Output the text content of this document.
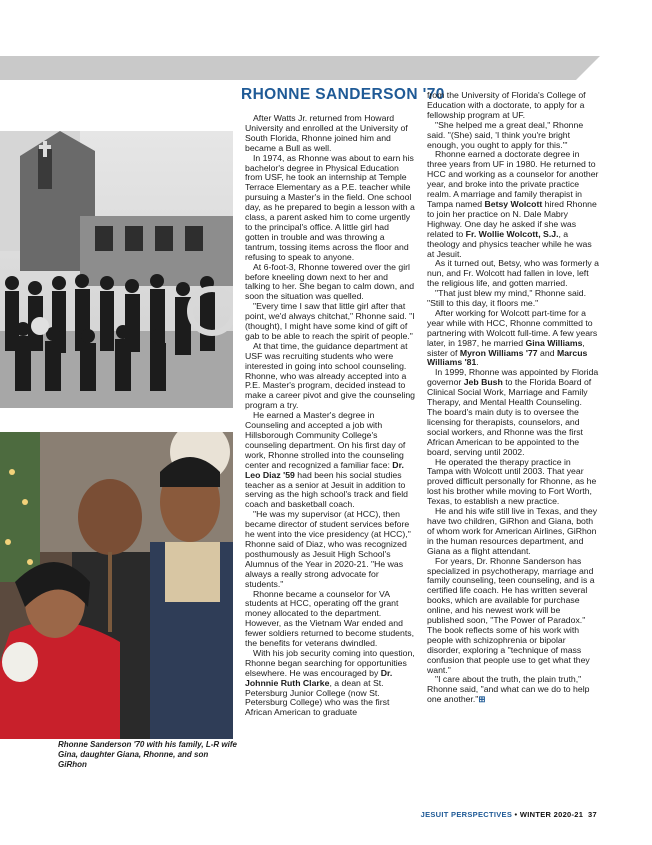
Rhonne Sanderson '70 with his family, L-R wife Gina, daughter Giana, Rhonne, and son GiRhon
RHONNE SANDERSON '70

After Watts Jr. returned from Howard University and enrolled at the University of South Florida, Rhonne joined him and became a Bull as well.

In 1974, as Rhonne was about to earn his bachelor's degree in Physical Education from USF, he took an internship at Temple Terrace Elementary as a P.E. teacher while pursuing a Master's in the field. One school day, as he prepared to begin a lesson with a class, a parent asked him to come urgently to the principal's office. A little girl had gotten in trouble and was throwing a tantrum, tossing items across the floor and refusing to speak to anyone.

At 6-foot-3, Rhonne towered over the girl before kneeling down next to her and talking to her. She began to calm down, and soon the situation was quelled.

"Every time I saw that little girl after that point, we'd always chitchat," Rhonne said. "I (thought), I might have some kind of gift of gab to be able to reach the spirit of people."

At that time, the guidance department at USF was recruiting students who were interested in going into school counseling. Rhonne, who was already accepted into a P.E. Master's program, decided instead to make a career pivot and give the counseling program a try.

He earned a Master's degree in Counseling and accepted a job with Hillsborough Community College's counseling department. On his first day of work, Rhonne strolled into the counseling center and recognized a familiar face: Dr. Leo Diaz '59 had been his social studies teacher as a senior at Jesuit in addition to serving as the high school's track and field coach and basketball coach.

"He was my supervisor (at HCC), then became director of student services before he went into the vice presidency (at HCC)," Rhonne said of Diaz, who was recognized posthumously as Jesuit High School's Alumnus of the Year in 2020-21. "He was always a really strong advocate for students."

Rhonne became a counselor for VA students at HCC, operating off the grant money allocated to the department. However, as the Vietnam War ended and fewer soldiers returned to become students, the benefits for veterans dwindled.

With his job security coming into question, Rhonne began searching for opportunities elsewhere. He was encouraged by Dr. Johnnie Ruth Clarke, a dean at St. Petersburg Junior College (now St. Petersburg College) who was the first African American to graduate

from the University of Florida's College of Education with a doctorate, to apply for a fellowship program at UF.

"She helped me a great deal," Rhonne said. "(She) said, 'I think you're bright enough, you ought to apply for this.'"

Rhonne earned a doctorate degree in three years from UF in 1980. He returned to HCC and working as a counselor for another year, and broke into the private practice realm. A marriage and family therapist in Tampa named Betsy Wolcott hired Rhonne to join her practice on N. Dale Mabry Highway. One day he asked if she was related to Fr. Wollie Wolcott, S.J., a theology and physics teacher while he was at Jesuit.

As it turned out, Betsy, who was formerly a nun, and Fr. Wolcott had fallen in love, left the religious life, and gotten married.

"That just blew my mind," Rhonne said. "Still to this day, it floors me."

After working for Wolcott part-time for a year while with HCC, Rhonne committed to partnering with Wolcott full-time. A few years later, in 1987, he married Gina Williams, sister of Myron Williams '77 and Marcus Williams '81.

In 1999, Rhonne was appointed by Florida governor Jeb Bush to the Florida Board of Clinical Social Work, Marriage and Family Therapy, and Mental Health Counseling. The board's main duty is to oversee the licensing for therapists, counselors, and social workers, and Rhonne was the first African American to be appointed to the board, serving until 2002.

He operated the therapy practice in Tampa with Wolcott until 2003. That year proved difficult personally for Rhonne, as he lost his brother while moving to Fort Worth, Texas, to establish a new practice.

He and his wife still live in Texas, and they have two children, GiRhon and Giana, both of whom work for American Airlines, GiRhon in the human resources department, and Giana as a flight attendant.

For years, Dr. Rhonne Sanderson has specialized in psychotherapy, marriage and family counseling, teen counseling, and is a certified life coach. He has written several books, which are available for purchase online, and his newest work will be published soon, "The Power of Paradox." The book reflects some of his work with people with schizophrenia or bipolar disorder, exploring a "technique of mass confusion that people use to get what they want."

"I care about the truth, the plain truth," Rhonne said, "and what can we do to help one another."⊞

JESUIT PERSPECTIVES • WINTER 2020-21 37
